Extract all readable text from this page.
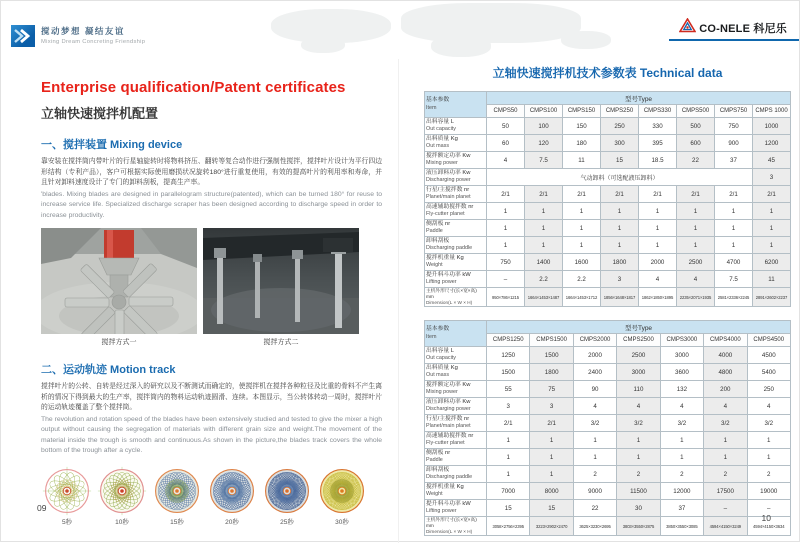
搅动梦想 凝结友谊
Mixing Dream Concreting Friendship
CO-NELE 科尼乐
Enterprise qualification/Patent certificates
立轴快速搅拌机配置
一、搅拌装置 Mixing device

靠安装在搅拌筒内带叶片的行星轴旋转时将物料挤压、翻转等复合动作进行强制性搅拌，搅拌叶片设计为平行四边形结构（专利产品），客户可根据实际使用磨损状况旋转180°进行重复使用，有效的提高叶片的利用率和寿命，并且针对卸料速度设计了专门的卸料刮板，提高生产率。

'blades. Mixing blades are designed in parallelogram structure(patented), which can be turned 180° for reuse to increase service life. Specialized discharge scraper has been designed according to discharge speed in order to increase productivity.

搅拌方式一	搅拌方式二
二、运动轨迹 Motion track

搅拌叶片的公转、自转是经过深入的研究以及不断测试而确定的，使搅拌机在搅拌各种粒径及比重的骨料不产生离析的情况下得到最大的生产率，搅拌筒内的物料运动轨迹圆滑、连续。本图显示，当公转体转动一周时，搅拌叶片的运动轨迹覆盖了整个搅拌筒。

The revolution and rotation speed of the blades have been extensively studied and tested to give the mixer a high output without causing the segregation of materials with different grain size and weight.The movement of the material inside the trough is smooth and continuous.As shown in the picture,the blades track covers the whole bottom of the trough after a cycle.

5秒	10秒	15秒	20秒	25秒	30秒
立轴快速搅拌机技术参数表 Technical data
基本参数
Item	型号Type							
	CMPS50	CMPS100	CMPS150	CMPS250	CMPS330	CMPS500	CMPS750	CMPS 1000

出料容量 L
Out capacity	50	100	150	250	330	500	750	1000

出料质量 Kg
Out mass	60	120	180	300	395	600	900	1200

搅拌额定功率 Kw
Mixing power	4	7.5	11	15	18.5	22	37	45

液压卸料功率 Kw
Discharging power	气动卸料（可选配液压卸料）							3

行星/主搅拌数 nr
Planet/main planet	2/1	2/1	2/1	2/1	2/1	2/1	2/1	2/1

高速辅助搅拌数 nr
Fly-cutter planet	1	1	1	1	1	1	1	1

侧刮板 nr
Paddle	1	1	1	1	1	1	1	1

卸料刮板
Discharging paddle	1	1	1	1	1	1	1	1

搅拌机重量 Kg
Weight	750	1400	1600	1800	2000	2500	4700	6200

提升料斗功率 kW
Lifting power	–	2.2	2.2	3	4	4	7.5	11

主机外形尺寸(长×宽×高) mm
Dimension(L × W × H)	950×786×1215	1664×1453×1487	1664×1453×1712	1856×1648×1817	1862×1850×1895	2235×2071×1935	2581×2336×2245	2891×2602×2237
基本参数
Item	型号Type						
	CMPS1250	CMPS1500	CMPS2000	CMPS2500	CMPS3000	CMPS4000	CMPS4500

出料容量 L
Out capacity	1250	1500	2000	2500	3000	4000	4500

出料质量 Kg
Out mass	1500	1800	2400	3000	3600	4800	5400

搅拌额定功率 Kw
Mixing power	55	75	90	110	132	200	250

液压卸料功率 Kw
Discharging power	3	3	4	4	4	4	4

行星/主搅拌数 nr
Planet/main planet	2/1	2/1	3/2	3/2	3/2	3/2	3/2

高速辅助搅拌数 nr
Fly-cutter planet	1	1	1	1	1	1	1

侧刮板 nr
Paddle	1	1	1	1	1	1	1

卸料刮板
Discharging paddle	1	1	2	2	2	2	2

搅拌机重量 Kg
Weight	7000	8000	9000	11500	12000	17500	19000

提升料斗功率 kW
Lifting power	15	15	22	30	37	–	–

主机外形尺寸(长×宽×高) mm
Dimension(L × W × H)	3058×2756×2395	3223×2902×2470	3625×3230×2695	3803×3550×2875	3850×3550×3085	4594×4150×3249	4594×4150×3634
09
10
